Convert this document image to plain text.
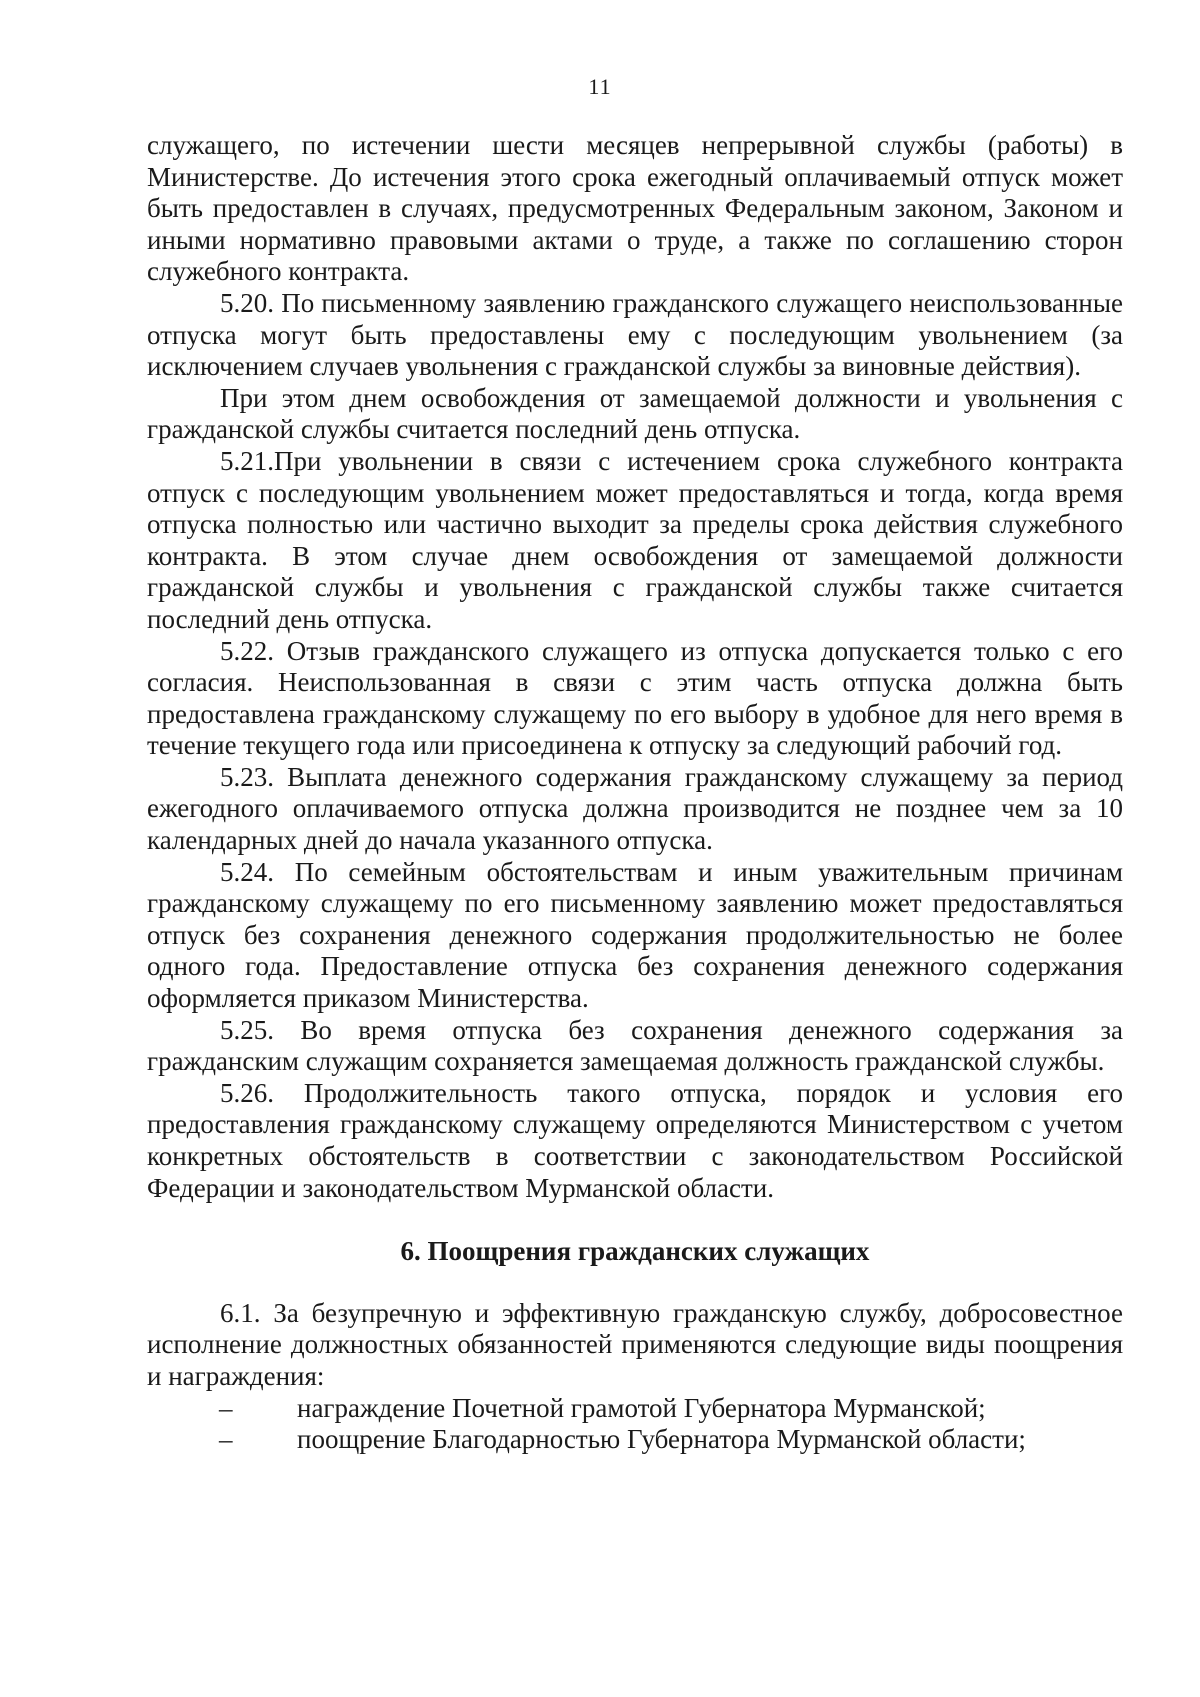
11

служащего, по истечении шести месяцев непрерывной службы (работы) в Министерстве. До истечения этого срока ежегодный оплачиваемый отпуск может быть предоставлен в случаях, предусмотренных Федеральным законом, Законом и иными нормативно правовыми актами о труде, а также по соглашению сторон служебного контракта.

5.20. По письменному заявлению гражданского служащего неиспользованные отпуска могут быть предоставлены ему с последующим увольнением (за исключением случаев увольнения с гражданской службы за виновные действия).

При этом днем освобождения от замещаемой должности и увольнения с гражданской службы считается последний день отпуска.

5.21.При увольнении в связи с истечением срока служебного контракта отпуск с последующим увольнением может предоставляться и тогда, когда время отпуска полностью или частично выходит за пределы срока действия служебного контракта. В этом случае днем освобождения от замещаемой должности гражданской службы и увольнения с гражданской службы также считается последний день отпуска.

5.22. Отзыв гражданского служащего из отпуска допускается только с его согласия. Неиспользованная в связи с этим часть отпуска должна быть предоставлена гражданскому служащему по его выбору в удобное для него время в течение текущего года или присоединена к отпуску за следующий рабочий год.

5.23. Выплата денежного содержания гражданскому служащему за период ежегодного оплачиваемого отпуска должна производится не позднее чем за 10 календарных дней до начала указанного отпуска.

5.24. По семейным обстоятельствам и иным уважительным причинам гражданскому служащему по его письменному заявлению может предоставляться отпуск без сохранения денежного содержания продолжительностью не более одного года. Предоставление отпуска без сохранения денежного содержания оформляется приказом Министерства.

5.25. Во время отпуска без сохранения денежного содержания за гражданским служащим сохраняется замещаемая должность гражданской службы.

5.26. Продолжительность такого отпуска, порядок и условия его предоставления гражданскому служащему определяются Министерством с учетом конкретных обстоятельств в соответствии с законодательством Российской Федерации и законодательством Мурманской области.

6. Поощрения гражданских служащих

6.1. За безупречную и эффективную гражданскую службу, добросовестное исполнение должностных обязанностей применяются следующие виды поощрения и награждения:

–	награждение Почетной грамотой Губернатора Мурманской;
–	поощрение Благодарностью Губернатора Мурманской области;
